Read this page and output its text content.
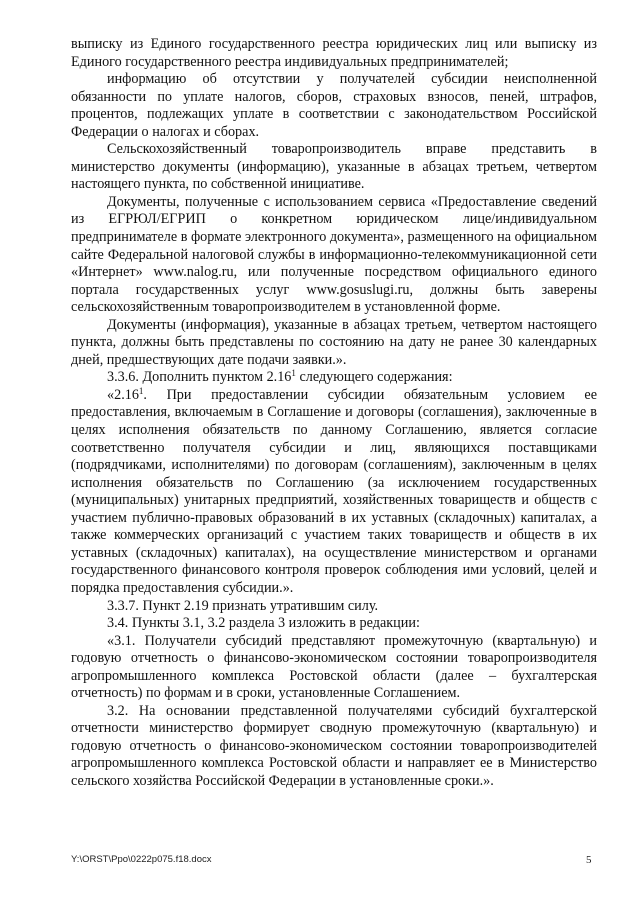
выписку из Единого государственного реестра юридических лиц или выписку из Единого государственного реестра индивидуальных предпринимателей;

информацию об отсутствии у получателей субсидии неисполненной обязанности по уплате налогов, сборов, страховых взносов, пеней, штрафов, процентов, подлежащих уплате в соответствии с законодательством Российской Федерации о налогах и сборах.

Сельскохозяйственный товаропроизводитель вправе представить в министерство документы (информацию), указанные в абзацах третьем, четвертом настоящего пункта, по собственной инициативе.

Документы, полученные с использованием сервиса «Предоставление сведений из ЕГРЮЛ/ЕГРИП о конкретном юридическом лице/индивидуальном предпринимателе в формате электронного документа», размещенного на официальном сайте Федеральной налоговой службы в информационно-телекоммуникационной сети «Интернет» www.nalog.ru, или полученные посредством официального единого портала государственных услуг www.gosuslugi.ru, должны быть заверены сельскохозяйственным товаропроизводителем в установленной форме.

Документы (информация), указанные в абзацах третьем, четвертом настоящего пункта, должны быть представлены по состоянию на дату не ранее 30 календарных дней, предшествующих дате подачи заявки.».

3.3.6. Дополнить пунктом 2.16$^1$ следующего содержания:

«2.16$^1$. При предоставлении субсидии обязательным условием ее предоставления, включаемым в Соглашение и договоры (соглашения), заключенные в целях исполнения обязательств по данному Соглашению, является согласие соответственно получателя субсидии и лиц, являющихся поставщиками (подрядчиками, исполнителями) по договорам (соглашениям), заключенным в целях исполнения обязательств по Соглашению (за исключением государственных (муниципальных) унитарных предприятий, хозяйственных товариществ и обществ с участием публично-правовых образований в их уставных (складочных) капиталах, а также коммерческих организаций с участием таких товариществ и обществ в их уставных (складочных) капиталах), на осуществление министерством и органами государственного финансового контроля проверок соблюдения ими условий, целей и порядка предоставления субсидии.».

3.3.7. Пункт 2.19 признать утратившим силу.

3.4. Пункты 3.1, 3.2 раздела 3 изложить в редакции:

«3.1. Получатели субсидий представляют промежуточную (квартальную) и годовую отчетность о финансово-экономическом состоянии товаропроизводителя агропромышленного комплекса Ростовской области (далее – бухгалтерская отчетность) по формам и в сроки, установленные Соглашением.

3.2. На основании представленной получателями субсидий бухгалтерской отчетности министерство формирует сводную промежуточную (квартальную) и годовую отчетность о финансово-экономическом состоянии товаропроизводителей агропромышленного комплекса Ростовской области и направляет ее в Министерство сельского хозяйства Российской Федерации в установленные сроки.».

Y:\ORST\Ppo\0222p075.f18.docx	5
